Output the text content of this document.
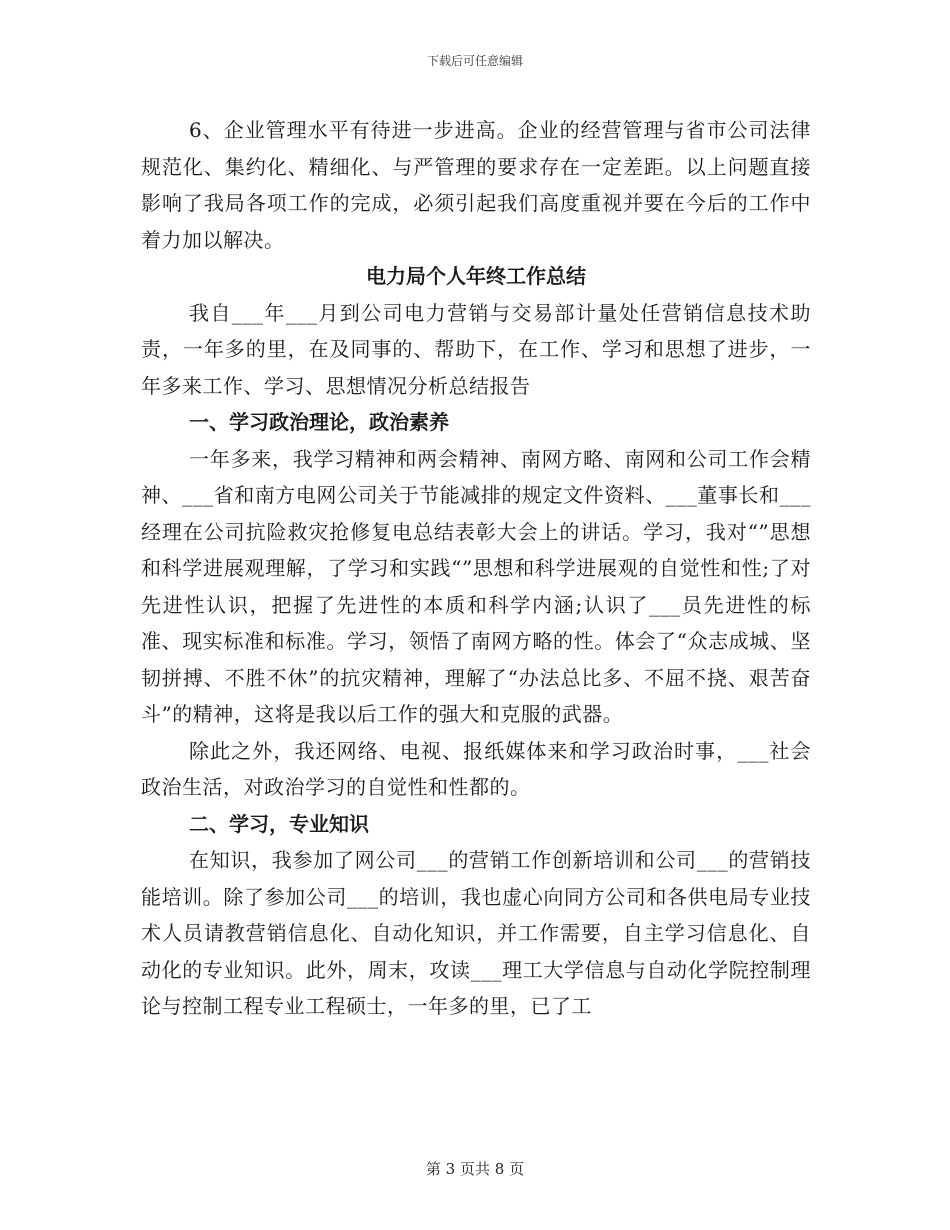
下载后可任意编辑

6、企业管理水平有待进一步进高。企业的经营管理与省市公司法律规范化、集约化、精细化、与严管理的要求存在一定差距。以上问题直接影响了我局各项工作的完成，必须引起我们高度重视并要在今后的工作中着力加以解决。

电力局个人年终工作总结

我自___年___月到公司电力营销与交易部计量处任营销信息技术助责，一年多的里，在及同事的、帮助下，在工作、学习和思想了进步，一年多来工作、学习、思想情况分析总结报告

一、学习政治理论，政治素养

一年多来，我学习精神和两会精神、南网方略、南网和公司工作会精神、___省和南方电网公司关于节能减排的规定文件资料、___董事长和___经理在公司抗险救灾抢修复电总结表彰大会上的讲话。学习，我对“”思想和科学进展观理解，了学习和实践“”思想和科学进展观的自觉性和性;了对先进性认识，把握了先进性的本质和科学内涵;认识了___员先进性的标准、现实标准和标准。学习，领悟了南网方略的性。体会了“众志成城、坚韧拼搏、不胜不休”的抗灾精神，理解了“办法总比多、不屈不挠、艰苦奋斗”的精神，这将是我以后工作的强大和克服的武器。

除此之外，我还网络、电视、报纸媒体来和学习政治时事，___社会政治生活，对政治学习的自觉性和性都的。

二、学习，专业知识

在知识，我参加了网公司___的营销工作创新培训和公司___的营销技能培训。除了参加公司___的培训，我也虚心向同方公司和各供电局专业技术人员请教营销信息化、自动化知识，并工作需要，自主学习信息化、自动化的专业知识。此外，周末，攻读___理工大学信息与自动化学院控制理论与控制工程专业工程硕士，一年多的里，已了工

第 3 页共 8 页
